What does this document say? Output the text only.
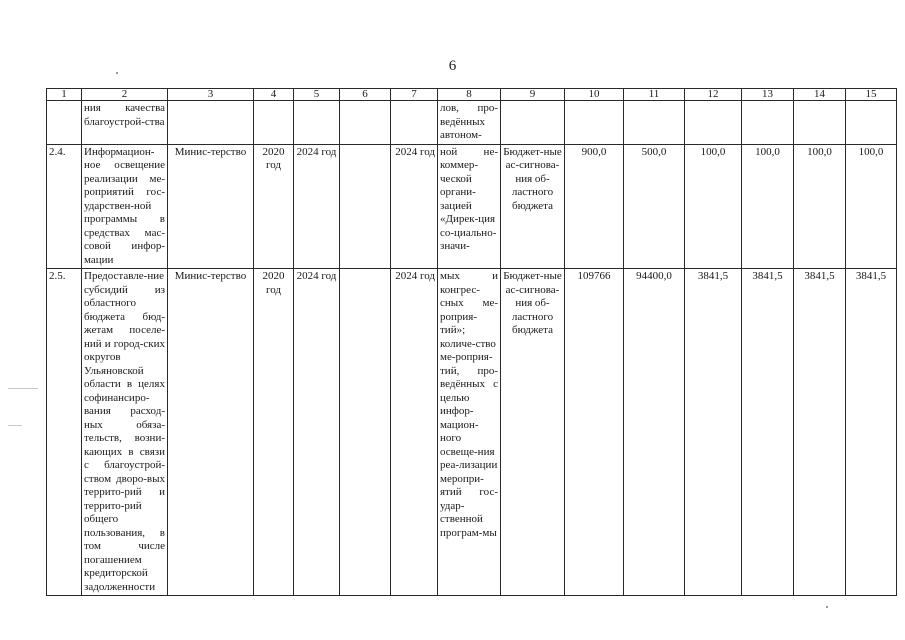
6
1	2	3	4	5	6	7	8	9	10	11	12	13	14	15
	ния качества благоустрой-ства						лов, про-ведённых автоном-							
2.4.	Информацион-ное освещение реализации ме-роприятий гос-ударствен-ной программы в средствах мас-совой инфор-мации	Минис-терство	2020 год	2024 год		2024 год	ной не-коммер-ческой органи-зацией «Дирек-ция со-циально-значи-	Бюджет-ные ас-сигнова-ния об-ластного бюджета	900,0	500,0	100,0	100,0	100,0	100,0
2.5.	Предоставле-ние субсидий из областного бюджета бюд-жетам поселе-ний и город-ских округов Ульяновской области в целях софинансиро-вания расход-ных обяза-тельств, возни-кающих в связи с благоустрой-ством дворо-вых террито-рий и террито-рий общего пользования, в том числе погашением кредиторской задолженности	Минис-терство	2020 год	2024 год		2024 год	мых и конгрес-сных ме-роприя-тий»; количе-ство ме-роприя-тий, про-ведённых с целью инфор-мацион-ного освеще-ния реа-лизации меропри-ятий гос-удар-ственной програм-мы	Бюджет-ные ас-сигнова-ния об-ластного бюджета	109766	94400,0	3841,5	3841,5	3841,5	3841,5
